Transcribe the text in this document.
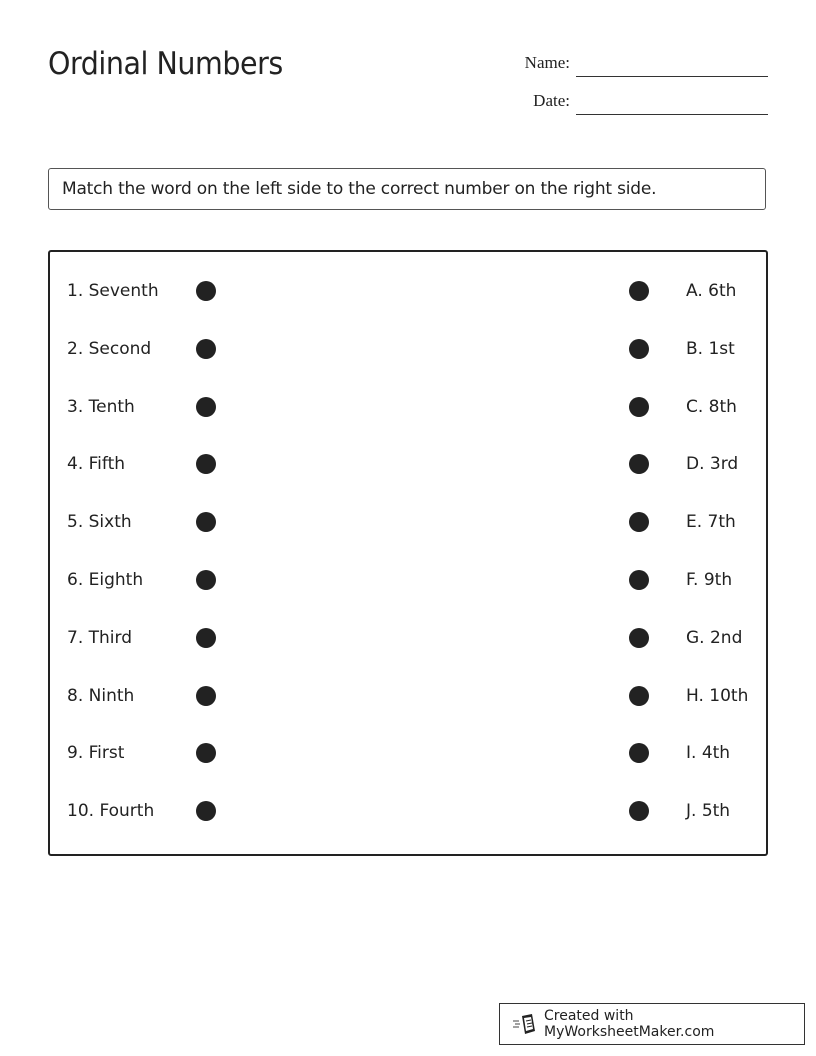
Ordinal Numbers	Name:
Date:
Match the word on the left side to the correct number on the right side.
1. Seventh	A. 6th
2. Second	B. 1st
3. Tenth	C. 8th
4. Fifth	D. 3rd
5. Sixth	E. 7th
6. Eighth	F. 9th
7. Third	G. 2nd
8. Ninth	H. 10th
9. First	I. 4th
10. Fourth	J. 5th
Created with MyWorksheetMaker.com
